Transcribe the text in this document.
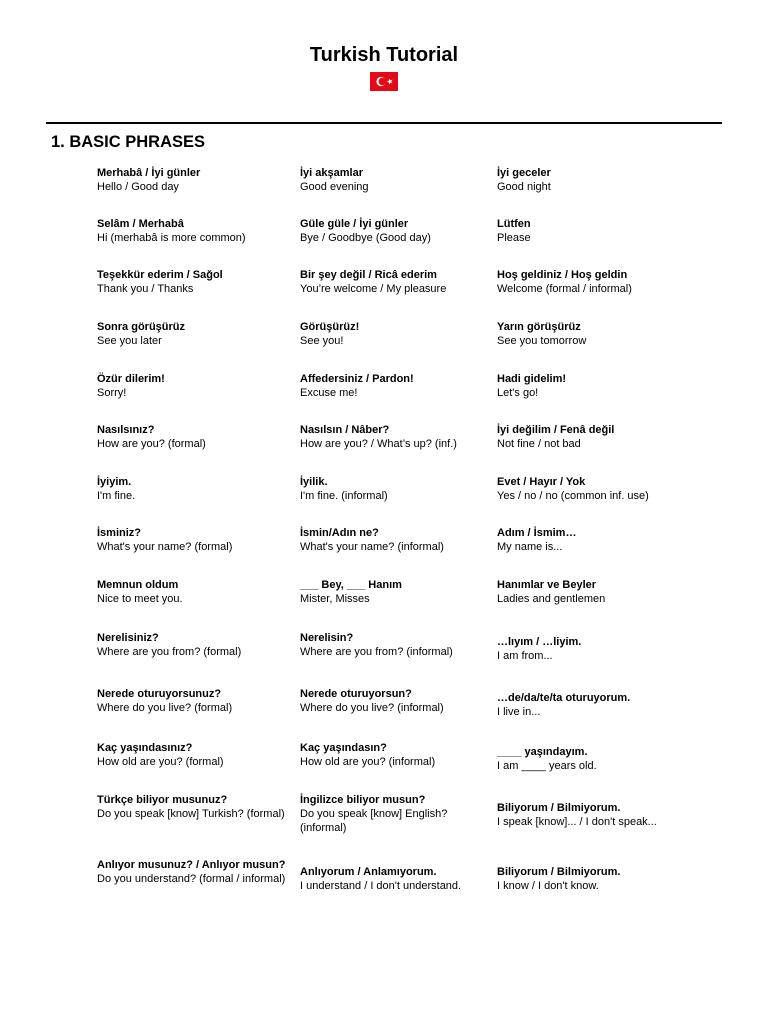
Turkish Tutorial
1. BASIC PHRASES
Merhabâ / İyi günler
Hello / Good day
İyi akşamlar
Good evening
İyi geceler
Good night
Selâm / Merhabâ
Hi (merhabâ is more common)
Güle güle / İyi günler
Bye / Goodbye (Good day)
Lütfen
Please
Teşekkür ederim / Sağol
Thank you / Thanks
Bir şey değil / Ricâ ederim
You’re welcome / My pleasure
Hoş geldiniz / Hoş geldin
Welcome (formal / informal)
Sonra görüşürüz
See you later
Görüşürüz!
See you!
Yarın görüşürüz
See you tomorrow
Özür dilerim!
Sorry!
Affedersiniz / Pardon!
Excuse me!
Hadi gidelim!
Let's go!
Nasılsınız?
How are you? (formal)
Nasılsın / Nâber?
How are you? / What’s up? (inf.)
İyi değilim / Fenâ değil
Not fine / not bad
İyiyim.
I'm fine.
İyilik.
I'm fine. (informal)
Evet / Hayır / Yok
Yes / no / no (common inf. use)
İsminiz?
What's your name? (formal)
İsmin/Adın ne?
What's your name? (informal)
Adım / İsmim…
My name is...
Memnun oldum
Nice to meet you.
___ Bey, ___ Hanım
Mister, Misses
Hanımlar ve Beyler
Ladies and gentlemen
Nerelisiniz?
Where are you from? (formal)
Nerelisin?
Where are you from? (informal)
…lıyım / …liyim.
I am from...
Nerede oturuyorsunuz?
Where do you live? (formal)
Nerede oturuyorsun?
Where do you live? (informal)
…de/da/te/ta oturuyorum.
I live in...
Kaç yaşındasınız?
How old are you? (formal)
Kaç yaşındasın?
How old are you? (informal)
____ yaşındayım.
I am ____ years old.
Türkçe biliyor musunuz?
Do you speak [know] Turkish? (formal)
İngilizce biliyor musun?
Do you speak [know] English? (informal)
Biliyorum / Bilmiyorum.
I speak [know]... / I don't speak...
Anlıyor musunuz? / Anlıyor musun?
Do you understand? (formal / informal)
Anlıyorum / Anlamıyorum.
I understand / I don't understand.
Biliyorum / Bilmiyorum.
I know / I don't know.
